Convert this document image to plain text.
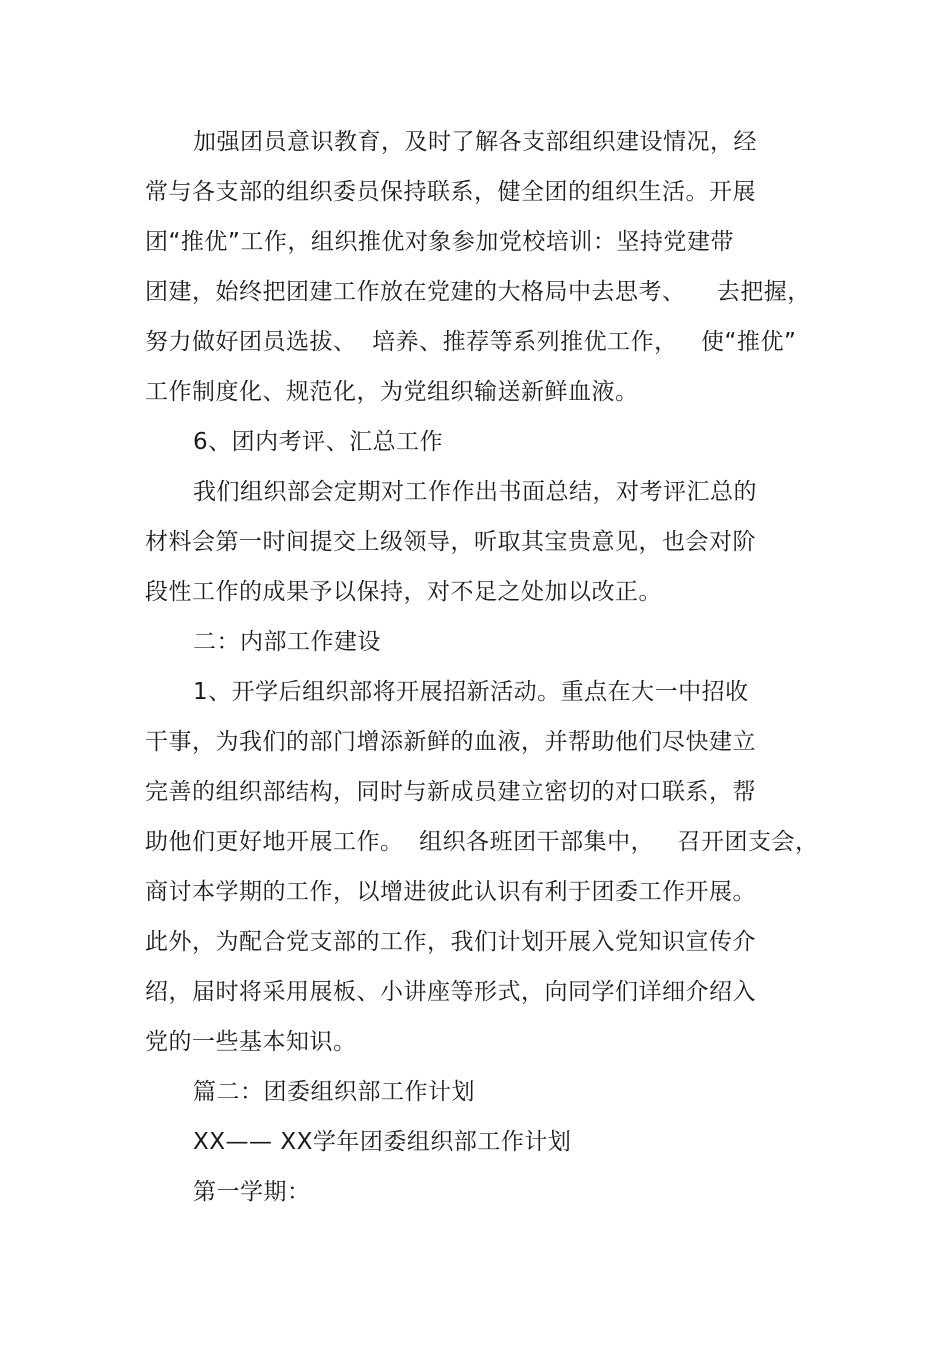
加强团员意识教育，及时了解各支部组织建设情况，经
常与各支部的组织委员保持联系，健全团的组织生活。开展
团“推优”工作，组织推优对象参加党校培训：坚持党建带
团建，始终把团建工作放在党建的大格局中去思考、    去把握，
努力做好团员选拔、  培养、推荐等系列推优工作，   使“推优”
工作制度化、规范化，为党组织输送新鲜血液。
6、团内考评、汇总工作
我们组织部会定期对工作作出书面总结，对考评汇总的
材料会第一时间提交上级领导，听取其宝贵意见，也会对阶
段性工作的成果予以保持，对不足之处加以改正。
二：内部工作建设
1、开学后组织部将开展招新活动。重点在大一中招收
干事，为我们的部门增添新鲜的血液，并帮助他们尽快建立
完善的组织部结构，同时与新成员建立密切的对口联系，帮
助他们更好地开展工作。  组织各班团干部集中，   召开团支会，
商讨本学期的工作，以增进彼此认识有利于团委工作开展。
此外，为配合党支部的工作，我们计划开展入党知识宣传介
绍，届时将采用展板、小讲座等形式，向同学们详细介绍入
党的一些基本知识。
篇二：团委组织部工作计划
XX—— XX学年团委组织部工作计划
第一学期：
